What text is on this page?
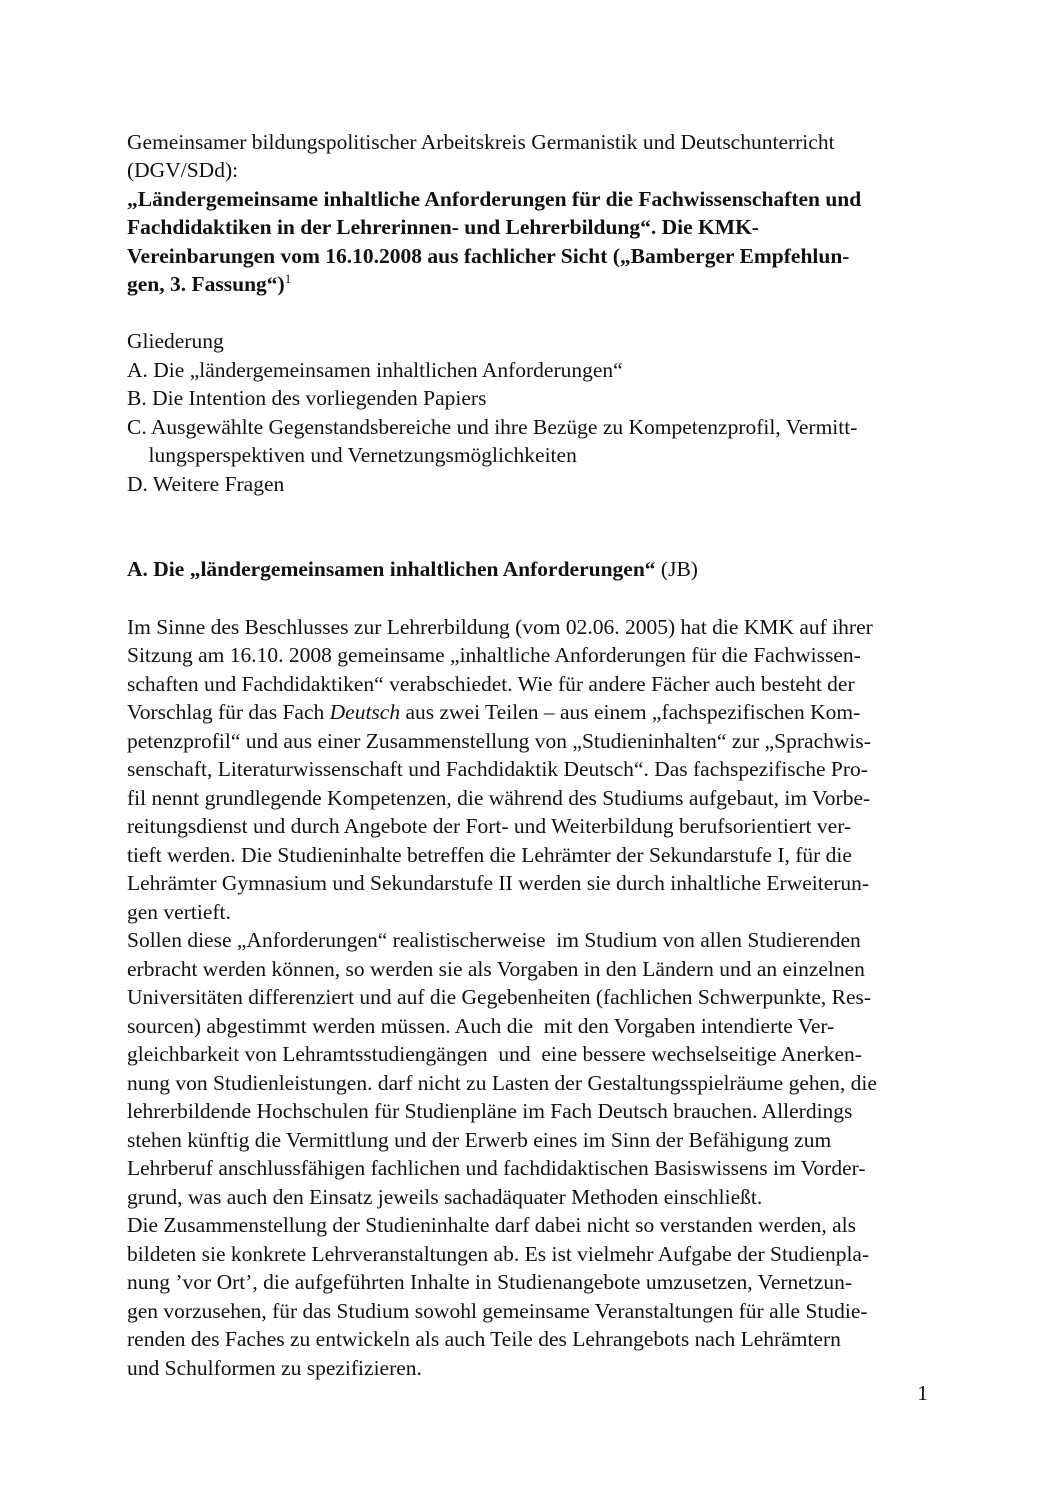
Gemeinsamer bildungspolitischer Arbeitskreis Germanistik und Deutschunterricht
(DGV/SDd):
„Ländergemeinsame inhaltliche Anforderungen für die Fachwissenschaften und
Fachdidaktiken in der Lehrerinnen- und Lehrerbildung“. Die KMK-
Vereinbarungen vom 16.10.2008 aus fachlicher Sicht („Bamberger Empfehlun-
gen, 3. Fassung“)$^1$
Gliederung
A. Die „ländergemeinsamen inhaltlichen Anforderungen“
B. Die Intention des vorliegenden Papiers
C. Ausgewählte Gegenstandsbereiche und ihre Bezüge zu Kompetenzprofil, Vermitt-
lungsperspektiven und Vernetzungsmöglichkeiten
D. Weitere Fragen
A. Die „ländergemeinsamen inhaltlichen Anforderungen“ (JB)
Im Sinne des Beschlusses zur Lehrerbildung (vom 02.06. 2005) hat die KMK auf ihrer
Sitzung am 16.10. 2008 gemeinsame „inhaltliche Anforderungen für die Fachwissen-
schaften und Fachdidaktiken“ verabschiedet. Wie für andere Fächer auch besteht der
Vorschlag für das Fach Deutsch aus zwei Teilen – aus einem „fachspezifischen Kom-
petenzprofil“ und aus einer Zusammenstellung von „Studieninhalten“ zur „Sprachwis-
senschaft, Literaturwissenschaft und Fachdidaktik Deutsch“. Das fachspezifische Pro-
fil nennt grundlegende Kompetenzen, die während des Studiums aufgebaut, im Vorbe-
reitungsdienst und durch Angebote der Fort- und Weiterbildung berufsorientiert ver-
tieft werden. Die Studieninhalte betreffen die Lehrämter der Sekundarstufe I, für die
Lehrämter Gymnasium und Sekundarstufe II werden sie durch inhaltliche Erweiterun-
gen vertieft.
Sollen diese „Anforderungen“ realistischerweise  im Studium von allen Studierenden
erbracht werden können, so werden sie als Vorgaben in den Ländern und an einzelnen
Universitäten differenziert und auf die Gegebenheiten (fachlichen Schwerpunkte, Res-
sourcen) abgestimmt werden müssen. Auch die  mit den Vorgaben intendierte Ver-
gleichbarkeit von Lehramtsstudiengängen  und  eine bessere wechselseitige Anerken-
nung von Studienleistungen. darf nicht zu Lasten der Gestaltungsspielräume gehen, die
lehrerbildende Hochschulen für Studienpläne im Fach Deutsch brauchen. Allerdings
stehen künftig die Vermittlung und der Erwerb eines im Sinn der Befähigung zum
Lehrberuf anschlussfähigen fachlichen und fachdidaktischen Basiswissens im Vorder-
grund, was auch den Einsatz jeweils sachadäquater Methoden einschließt.
Die Zusammenstellung der Studieninhalte darf dabei nicht so verstanden werden, als
bildeten sie konkrete Lehrveranstaltungen ab. Es ist vielmehr Aufgabe der Studienpla-
nung ’vor Ort’, die aufgeführten Inhalte in Studienangebote umzusetzen, Vernetzun-
gen vorzusehen, für das Studium sowohl gemeinsame Veranstaltungen für alle Studie-
renden des Faches zu entwickeln als auch Teile des Lehrangebots nach Lehrämtern
und Schulformen zu spezifizieren.
1
